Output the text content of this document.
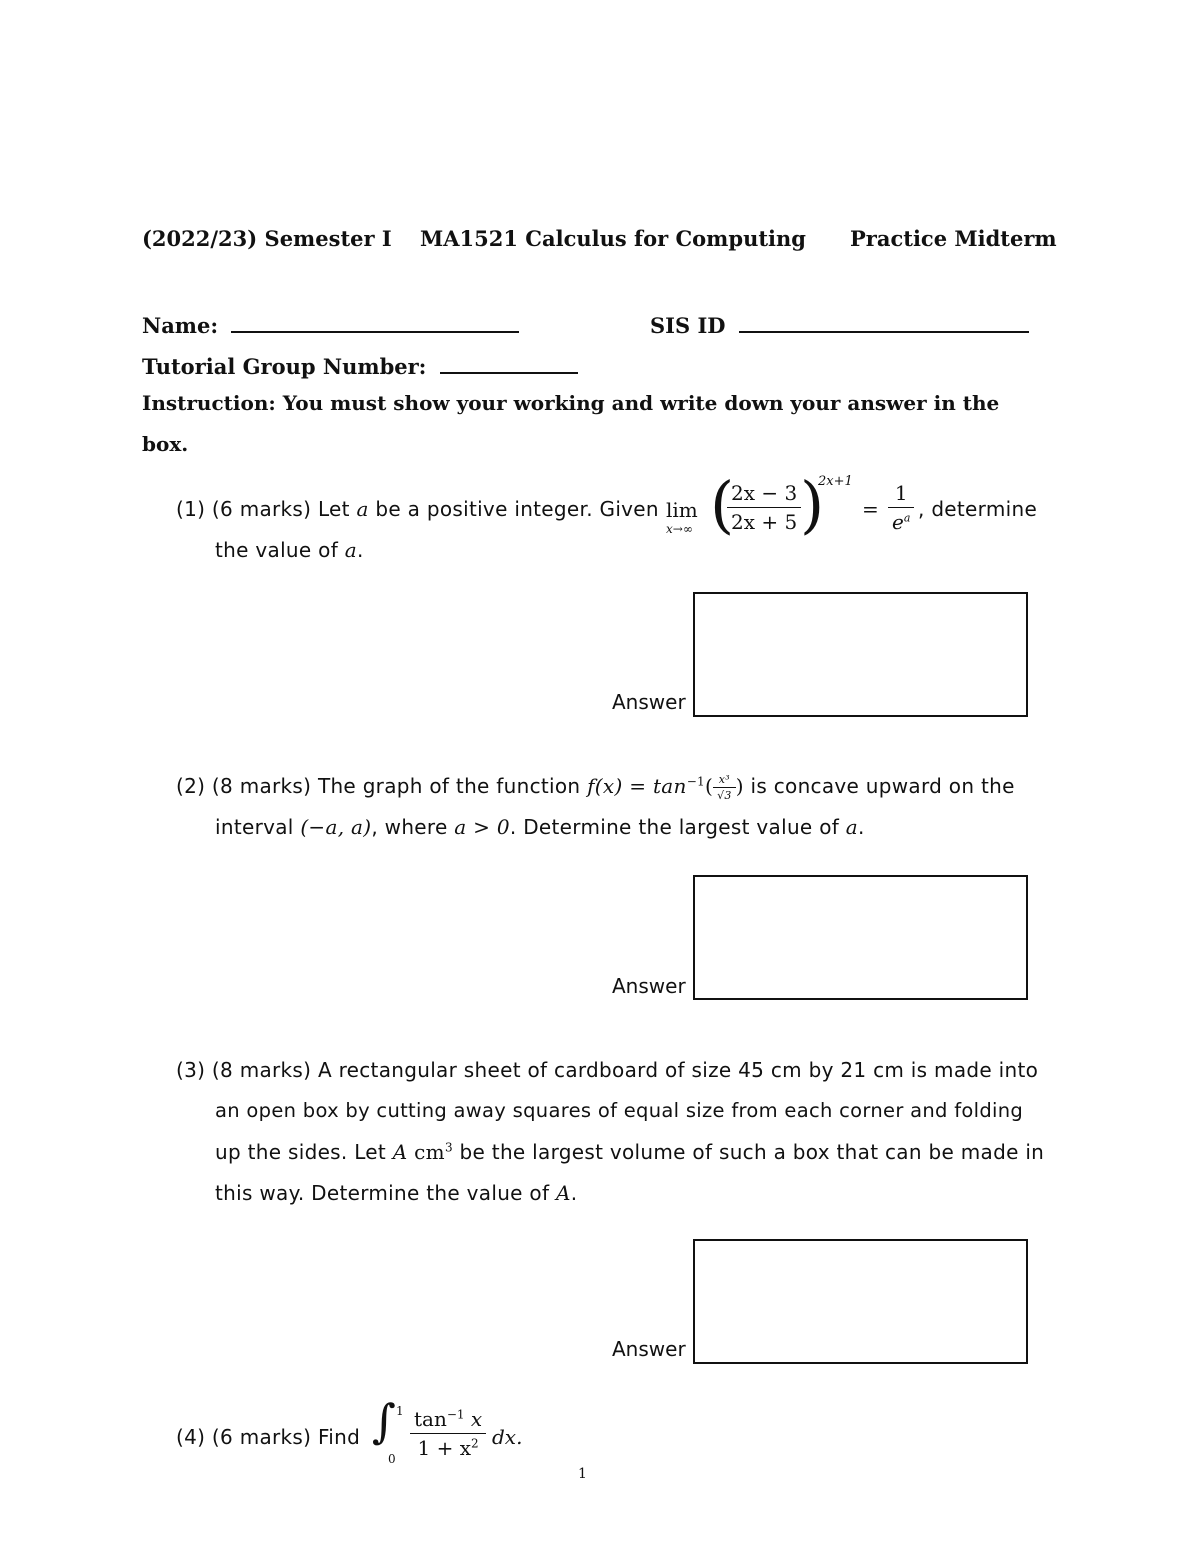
(2022/23) Semester I MA1521 Calculus for Computing Practice Midterm
Name:	SIS ID
Tutorial Group Number:
Instruction: You must show your working and write down your answer in the
box.
(1) (6 marks) Let a be a positive integer. Given lim
x→∞ (
$\frac{2x - 3}{2x + 5}$
)
2x+1
= $\frac{1}{e^a}$ , determine
the value of a.
Answer
(2) (8 marks) The graph of the function $f(x) = \tan^{-1}( \frac{\text{x³}}{√3}$ ) is concave upward on the
interval (−a, a), where a > 0. Determine the largest value of a.
Answer
(3) (8 marks) A rectangular sheet of cardboard of size 45 cm by 21 cm is made into
an open box by cutting away squares of equal size from each corner and folding
up the sides. Let A $cm^3$ be the largest volume of such a box that can be made in
this way. Determine the value of A.
Answer
(4) (6 marks) Find ∫ 1
$0 \frac{\tan^{-1} x}{1 + x^2}$ dx.
1
